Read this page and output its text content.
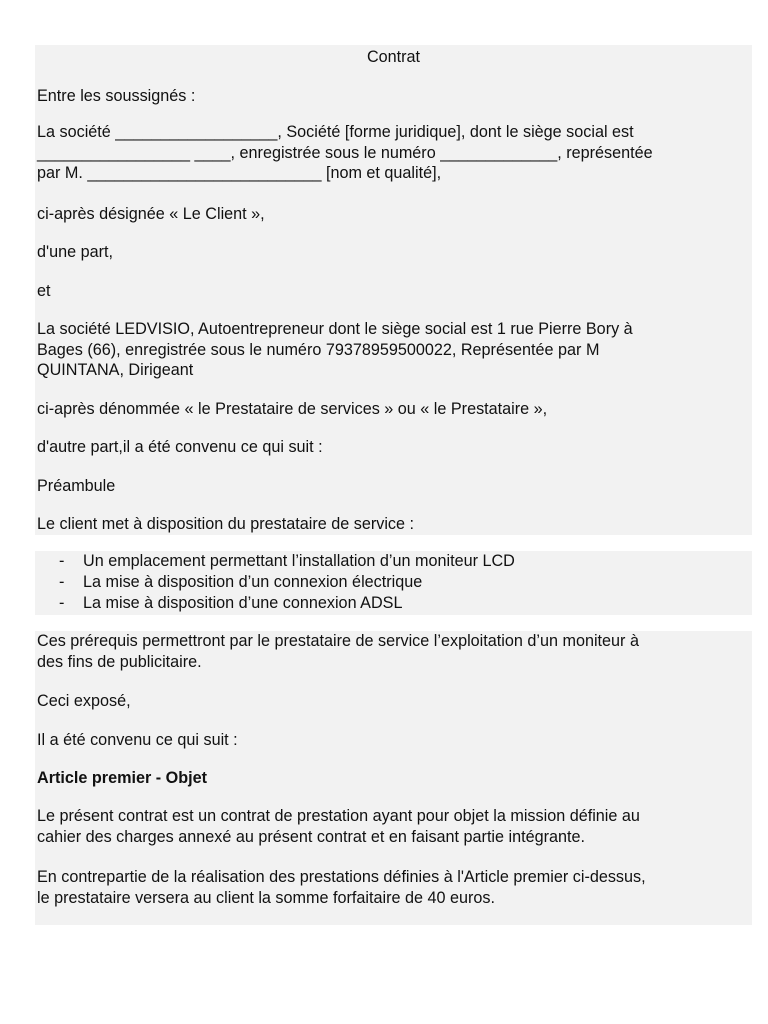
Contrat

Entre les soussignés :

La société __________________, Société [forme juridique], dont le siège social est
_________________ ____, enregistrée sous le numéro _____________, représentée
par M. __________________________ [nom et qualité],

ci-après désignée « Le Client »,

d'une part,

et

La société LEDVISIO, Autoentrepreneur dont le siège social est 1 rue Pierre Bory à
Bages (66), enregistrée sous le numéro 79378959500022, Représentée par M
QUINTANA, Dirigeant

ci-après dénommée « le Prestataire de services » ou « le Prestataire »,

d'autre part,il a été convenu ce qui suit :

Préambule

Le client met à disposition du prestataire de service :

- Un emplacement permettant l’installation d’un moniteur LCD
- La mise à disposition d’un connexion électrique
- La mise à disposition d’une connexion ADSL
Ces prérequis permettront par le prestataire de service l’exploitation d’un moniteur à
des fins de publicitaire.

Ceci exposé,

Il a été convenu ce qui suit :

Article premier - Objet

Le présent contrat est un contrat de prestation ayant pour objet la mission définie au
cahier des charges annexé au présent contrat et en faisant partie intégrante.
En contrepartie de la réalisation des prestations définies à l'Article premier ci-dessus,
le prestataire versera au client la somme forfaitaire de 40 euros.
